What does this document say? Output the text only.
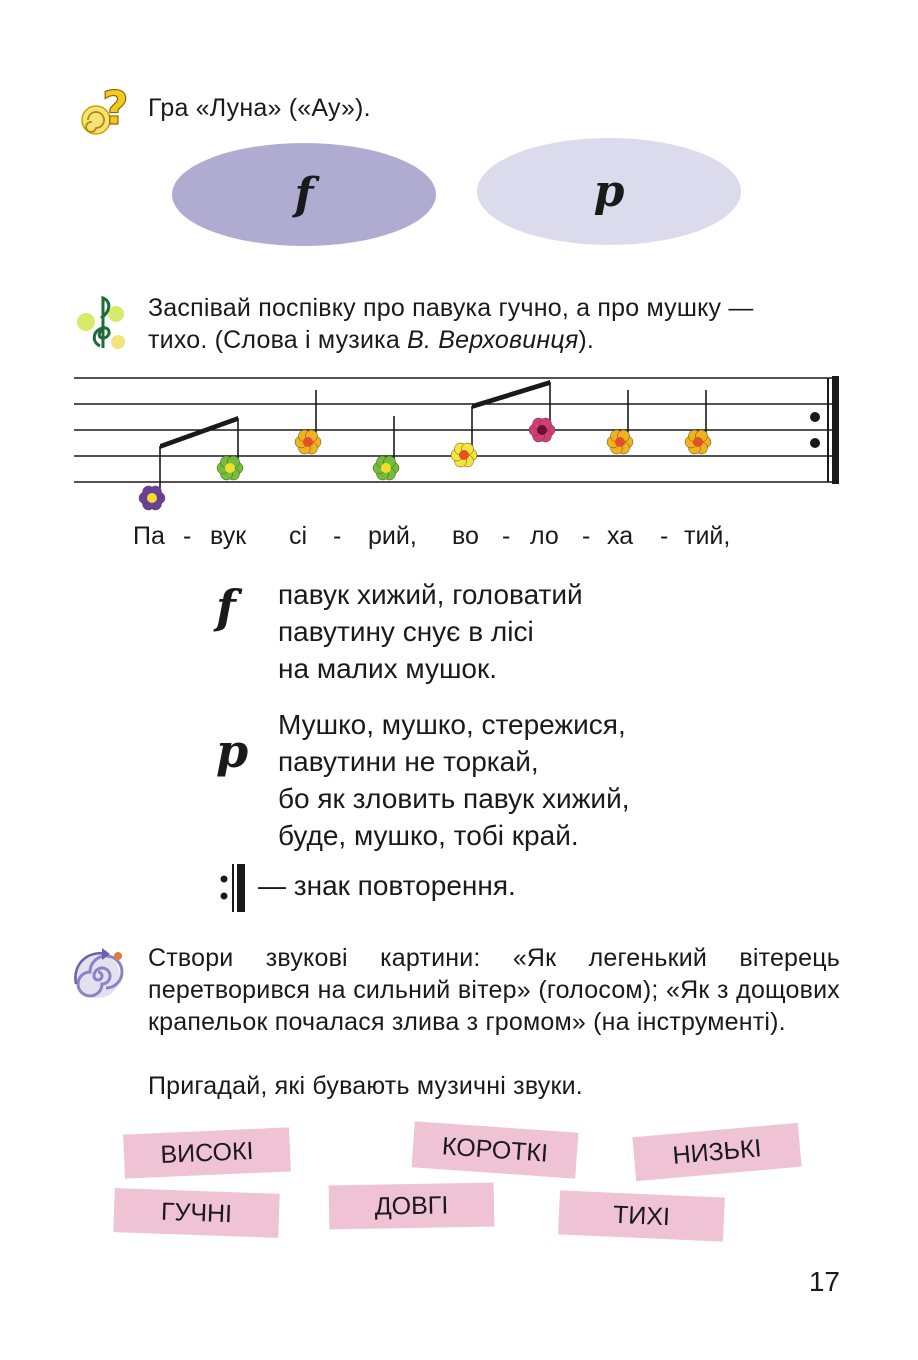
? Гра «Луна» («Ау»).
f	p
Заспівай поспівку про павука гучно, а про мушку —
тихо. (Слова і музика В. Верховинця).
Па - вук сі - рий, во - ло - ха - тий,
f павук хижий, головатий
павутину снує в лісі
на малих мушок.
p Мушко, мушко, стережися,
павутини не торкай,
бо як зловить павук хижий,
буде, мушко, тобі край.
— знак повторення.
Створи звукові картини: «Як легенький вітерець перетворився на сильний вітер» (голосом); «Як з дощових крапельок почалася злива з громом» (на інструменті).
Пригадай, які бувають музичні звуки.
ВИСОКІ	КОРОТКІ	НИЗЬКІ
ГУЧНІ	ДОВГІ	ТИХІ
17
